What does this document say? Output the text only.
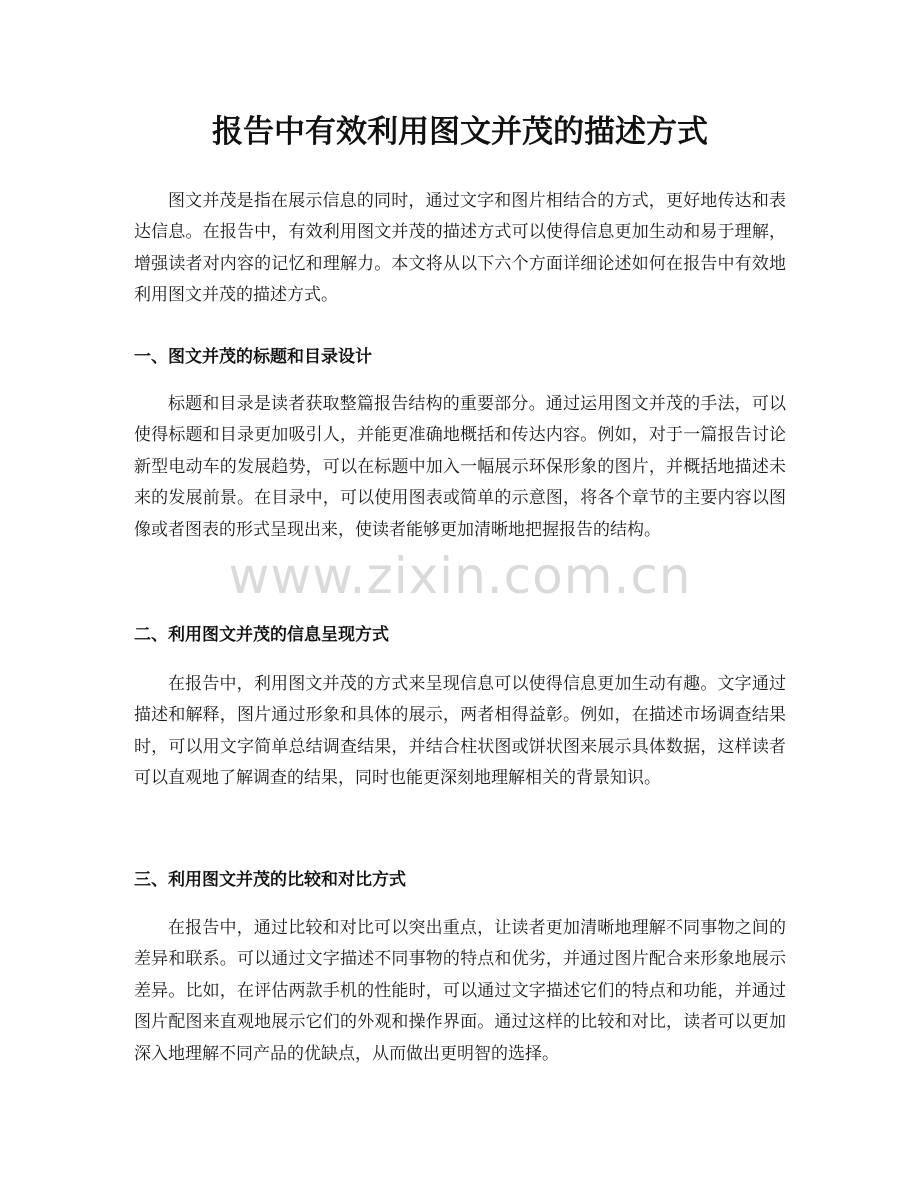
报告中有效利用图文并茂的描述方式

图文并茂是指在展示信息的同时，通过文字和图片相结合的方式，更好地传达和表达信息。在报告中，有效利用图文并茂的描述方式可以使得信息更加生动和易于理解，增强读者对内容的记忆和理解力。本文将从以下六个方面详细论述如何在报告中有效地利用图文并茂的描述方式。

一、图文并茂的标题和目录设计

标题和目录是读者获取整篇报告结构的重要部分。通过运用图文并茂的手法，可以使得标题和目录更加吸引人，并能更准确地概括和传达内容。例如，对于一篇报告讨论新型电动车的发展趋势，可以在标题中加入一幅展示环保形象的图片，并概括地描述未来的发展前景。在目录中，可以使用图表或简单的示意图，将各个章节的主要内容以图像或者图表的形式呈现出来，使读者能够更加清晰地把握报告的结构。

二、利用图文并茂的信息呈现方式

在报告中，利用图文并茂的方式来呈现信息可以使得信息更加生动有趣。文字通过描述和解释，图片通过形象和具体的展示，两者相得益彰。例如，在描述市场调查结果时，可以用文字简单总结调查结果，并结合柱状图或饼状图来展示具体数据，这样读者可以直观地了解调查的结果，同时也能更深刻地理解相关的背景知识。

三、利用图文并茂的比较和对比方式

在报告中，通过比较和对比可以突出重点，让读者更加清晰地理解不同事物之间的差异和联系。可以通过文字描述不同事物的特点和优劣，并通过图片配合来形象地展示差异。比如，在评估两款手机的性能时，可以通过文字描述它们的特点和功能，并通过图片配图来直观地展示它们的外观和操作界面。通过这样的比较和对比，读者可以更加深入地理解不同产品的优缺点，从而做出更明智的选择。

www.zixin.com.cn
